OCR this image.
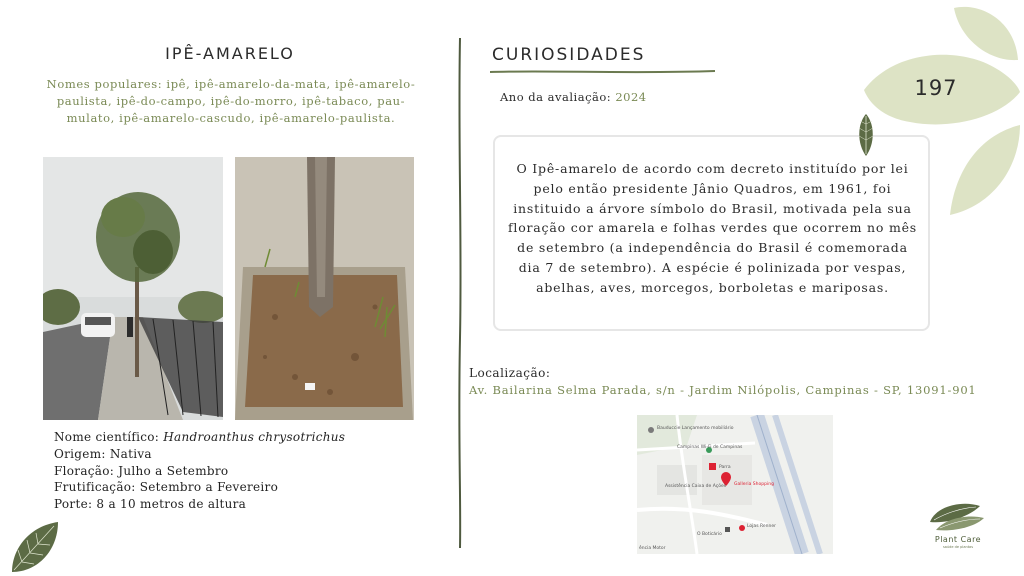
IPÊ-AMARELO
Nomes populares: ipê, ipê-amarelo-da-mata, ipê-amarelo-paulista, ipê-do-campo, ipê-do-morro, ipê-tabaco, pau-mulato, ipê-amarelo-cascudo, ipê-amarelo-paulista.
Nome científico: Handroanthus chrysotrichus
Origem: Nativa
Floração: Julho a Setembro
Frutificação: Setembro a Fevereiro
Porte: 8 a 10 metros de altura
CURIOSIDADES
Ano da avaliação: 2024
O Ipê-amarelo de acordo com decreto instituído por lei pelo então presidente Jânio Quadros, em 1961, foi instituido a árvore símbolo do Brasil, motivada pela sua floração cor amarela e folhas verdes que ocorrem no mês de setembro (a independência do Brasil é comemorada dia 7 de setembro). A espécie é polinizada por vespas, abelhas, aves, morcegos, borboletas e mariposas.
Localização:
Av. Bailarina Selma Parada, s/n - Jardim Nilópolis, Campinas - SP, 13091-901
Bauduccie Lançamento mobiliário
Campinas Wi-Fi de Campinas
Parra
Galleria Shopping
Assistência Caixa de Ações
O Boticário
Lojas Renner
ência Motor
197
Plant Care
saúde de plantas
